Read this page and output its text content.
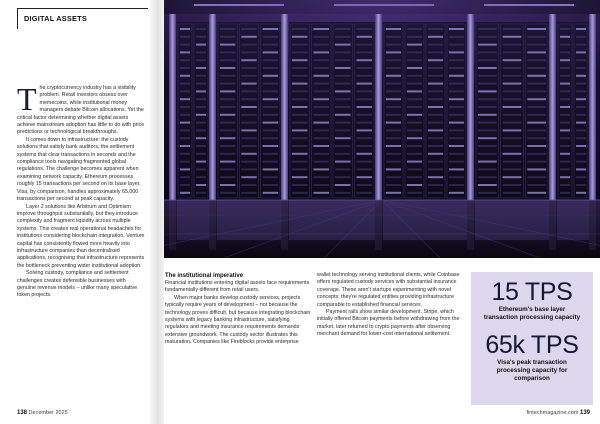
DIGITAL ASSETS

The cryptocurrency industry has a visibility problem. Retail investors obsess over memecoins, while institutional money managers debate Bitcoin allocations. Yet the critical factor determining whether digital assets achieve mainstream adoption has little to do with price predictions or technological breakthroughs.

It comes down to infrastructure: the custody solutions that satisfy bank auditors, the settlement systems that clear transactions in seconds and the compliance tools navigating fragmented global regulations. The challenge becomes apparent when examining network capacity. Ethereum processes roughly 15 transactions per second on its base layer. Visa, by comparison, handles approximately 65,000 transactions per second at peak capacity.

Layer 2 solutions like Arbitrum and Optimism improve throughput substantially, but they introduce complexity and fragment liquidity across multiple systems. This creates real operational headaches for institutions considering blockchain integration. Venture capital has consistently flowed more heavily into infrastructure companies than decentralised applications, recognising that infrastructure represents the bottleneck preventing wider institutional adoption.

Solving custody, compliance and settlement challenges creates defensible businesses with genuine revenue models – unlike many speculative token projects.

The institutional imperative

Financial institutions entering digital assets face requirements fundamentally different from retail users.

When major banks develop custody services, projects typically require years of development – not because the technology proves difficult, but because integrating blockchain systems with legacy banking infrastructure, satisfying regulators and meeting insurance requirements demands extensive groundwork. The custody sector illustrates this maturation. Companies like Fireblocks provide enterprise

wallet technology serving institutional clients, while Coinbase offers regulated custody services with substantial insurance coverage. These aren't startups experimenting with novel concepts; they're regulated entities providing infrastructure comparable to established financial services.

Payment rails show similar development. Stripe, which initially offered Bitcoin payments before withdrawing from the market, later returned to crypto payments after observing merchant demand for lower-cost international settlement.

15 TPS
Ethereum's base layer transaction processing capacity
65k TPS
Visa's peak transaction processing capacity for comparison
138 December 2025	fintechmagazine.com 139
